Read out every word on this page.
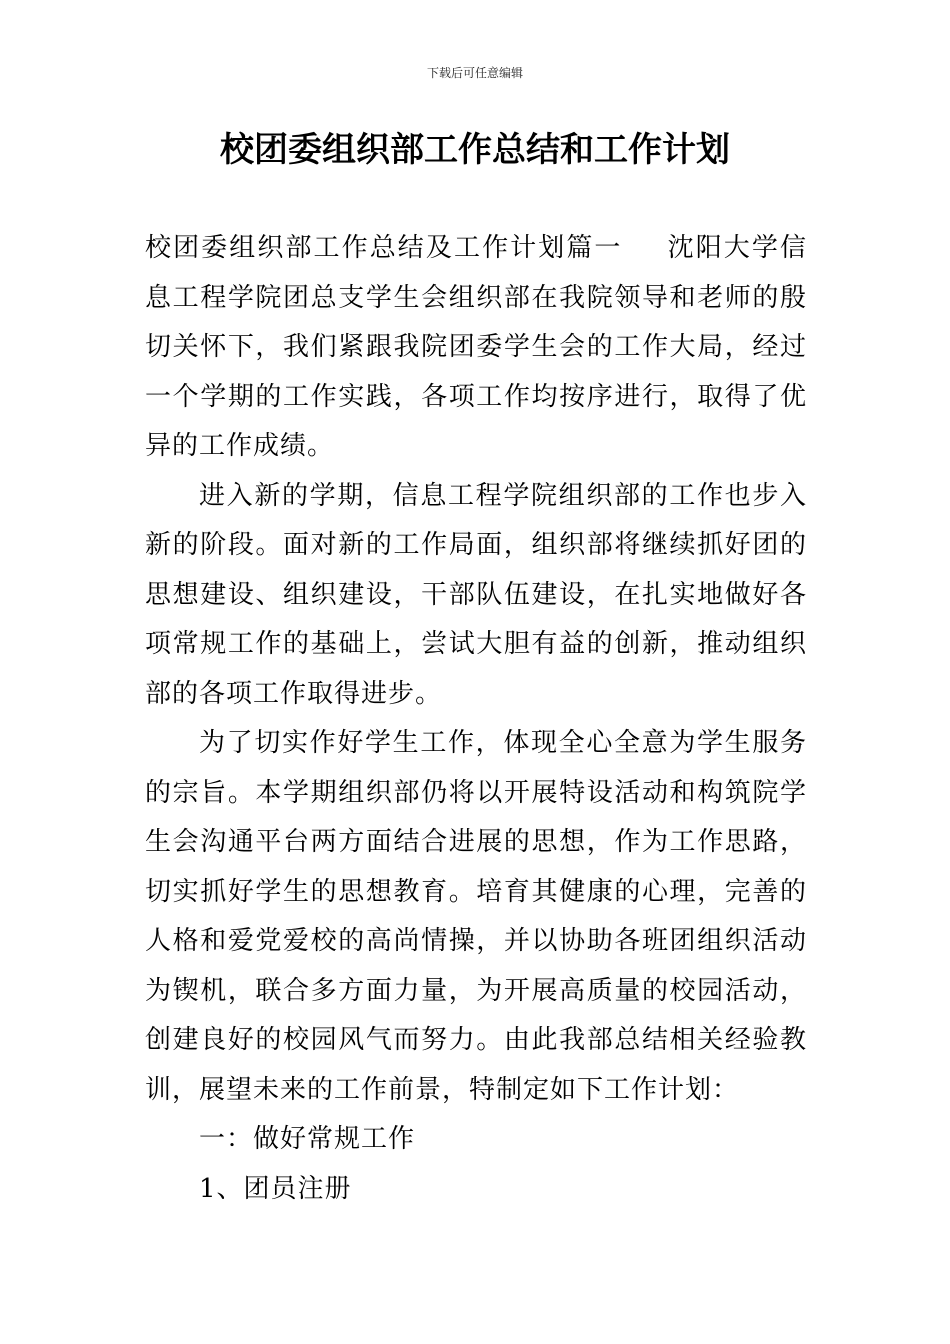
下载后可任意编辑
校团委组织部工作总结和工作计划

校团委组织部工作总结及工作计划篇一 沈阳大学信息工程学院团总支学生会组织部在我院领导和老师的殷切关怀下，我们紧跟我院团委学生会的工作大局，经过一个学期的工作实践，各项工作均按序进行，取得了优异的工作成绩。

进入新的学期，信息工程学院组织部的工作也步入新的阶段。面对新的工作局面，组织部将继续抓好团的思想建设、组织建设，干部队伍建设，在扎实地做好各项常规工作的基础上，尝试大胆有益的创新，推动组织部的各项工作取得进步。

为了切实作好学生工作，体现全心全意为学生服务的宗旨。本学期组织部仍将以开展特设活动和构筑院学生会沟通平台两方面结合进展的思想，作为工作思路，切实抓好学生的思想教育。培育其健康的心理，完善的人格和爱党爱校的高尚情操，并以协助各班团组织活动为锲机，联合多方面力量，为开展高质量的校园活动，创建良好的校园风气而努力。由此我部总结相关经验教训，展望未来的工作前景，特制定如下工作计划：

一：做好常规工作

1、团员注册
